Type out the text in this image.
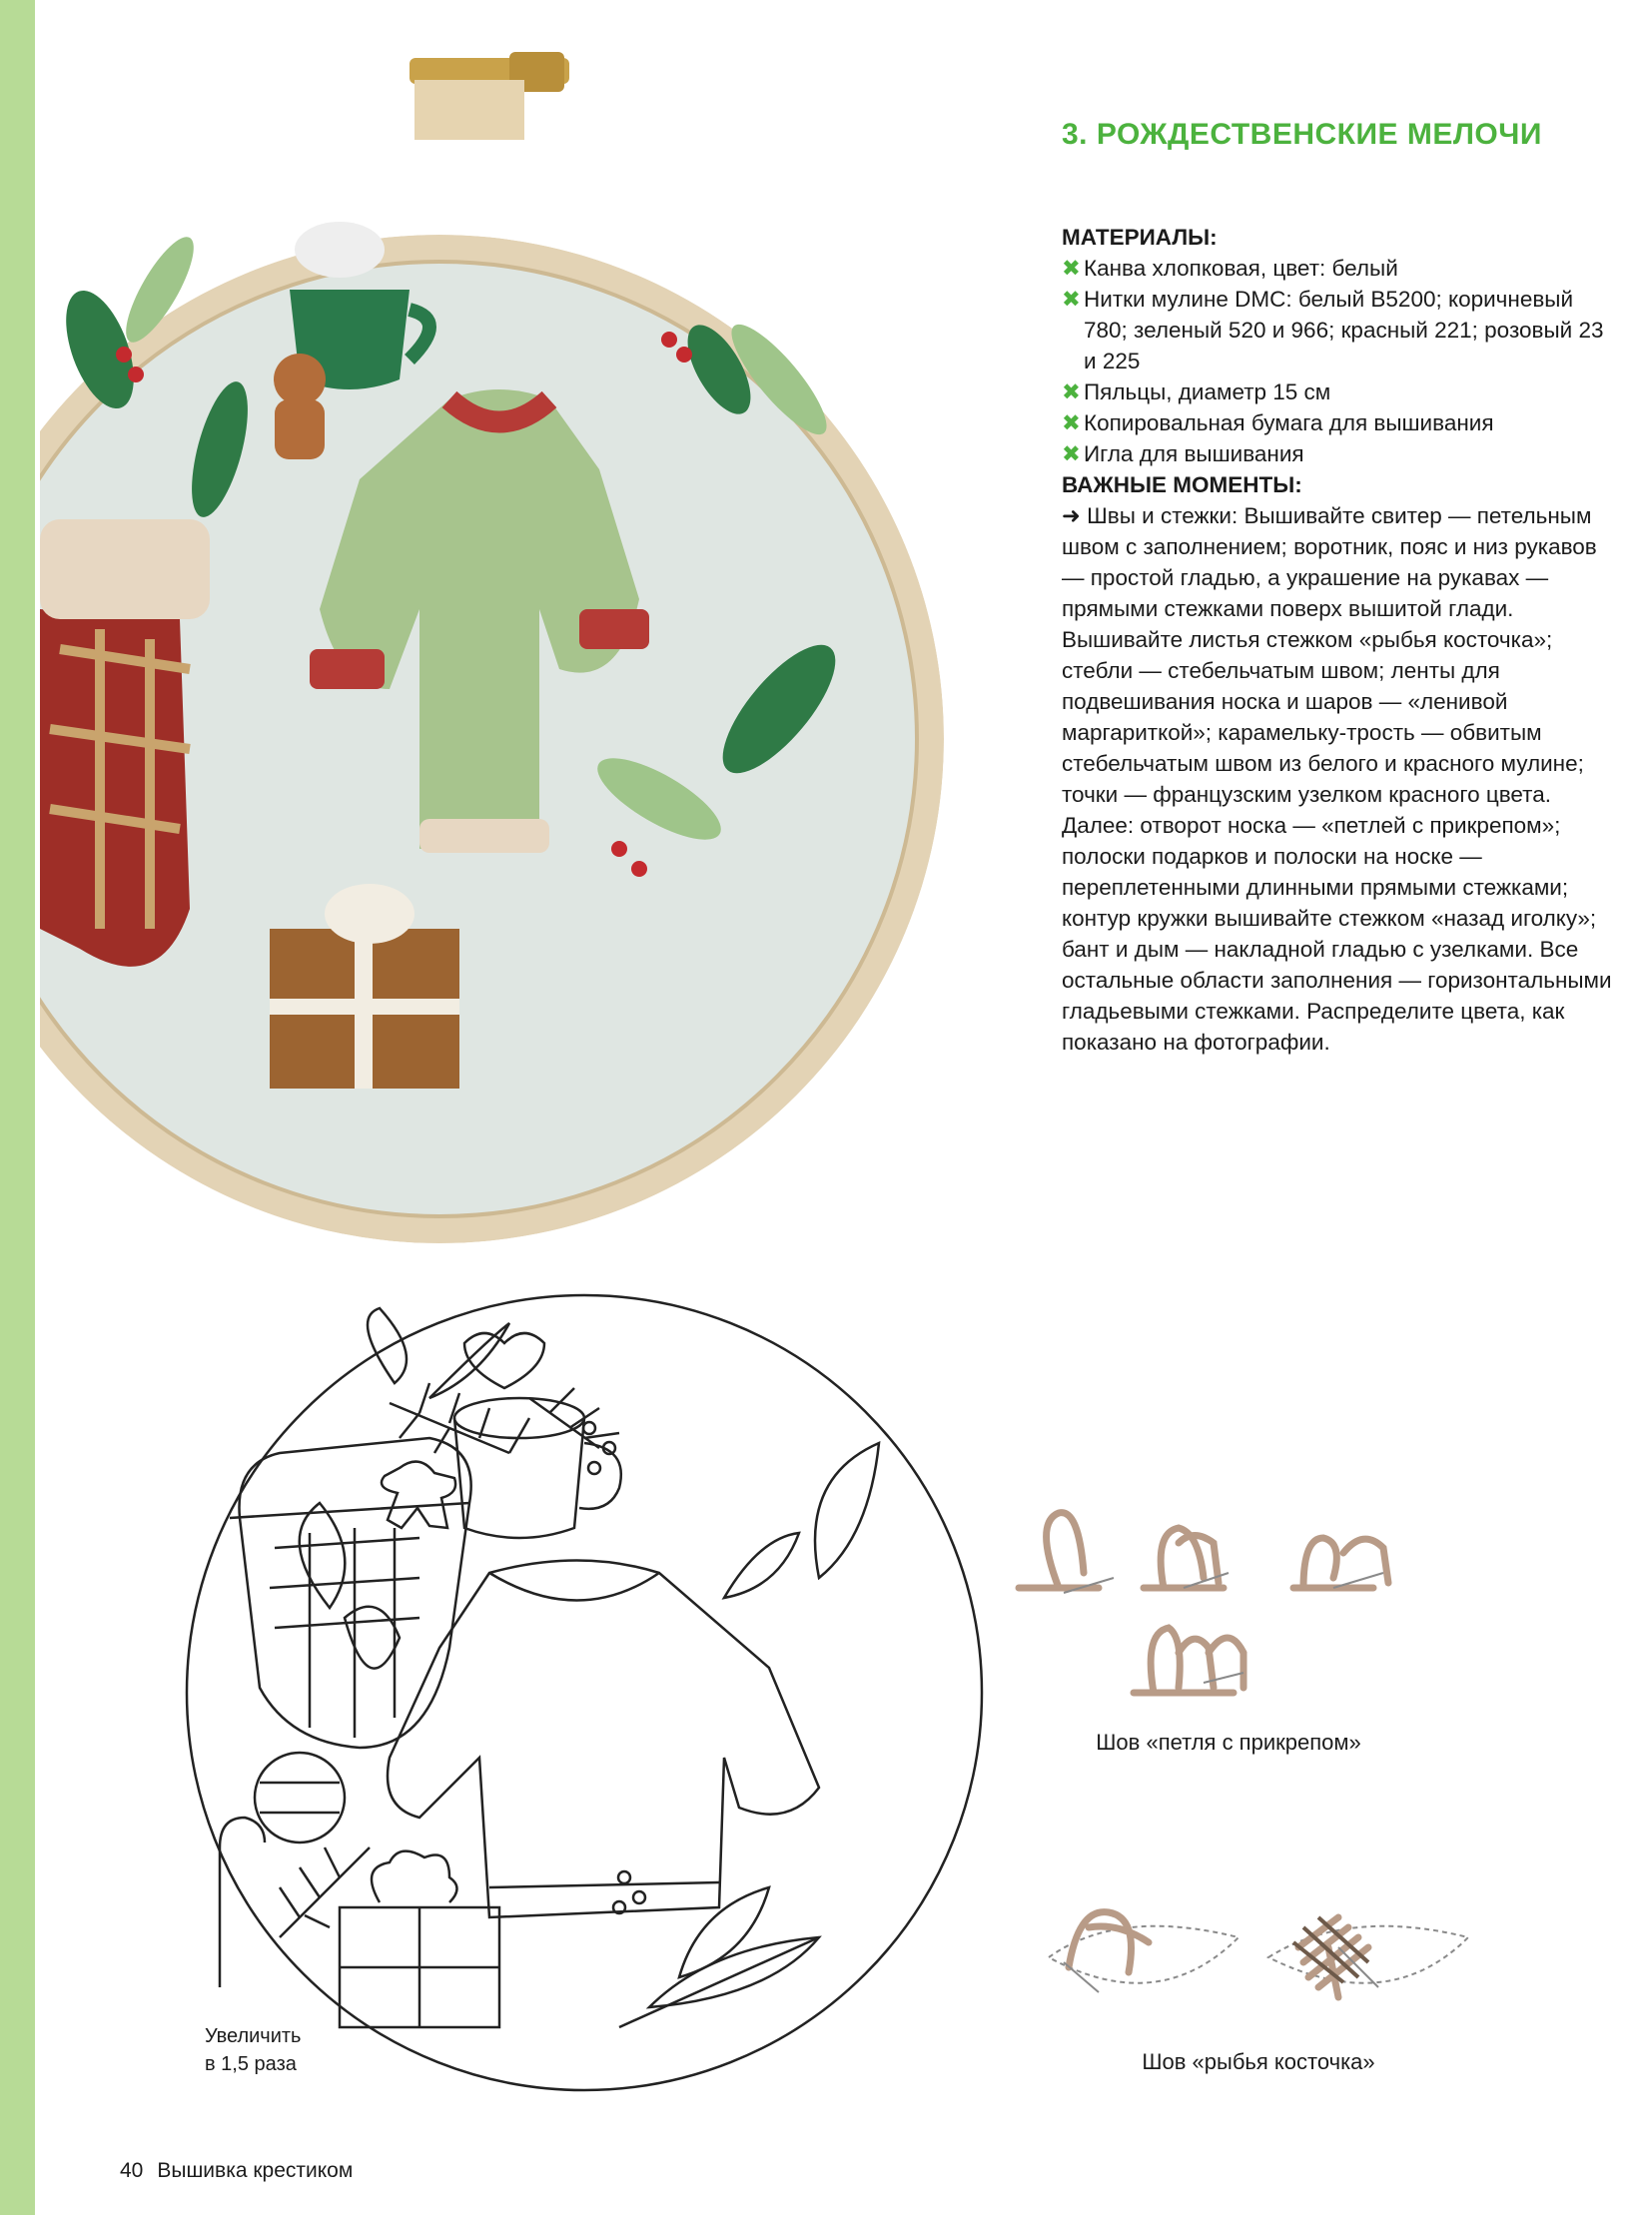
3. РОЖДЕСТВЕНСКИЕ МЕЛОЧИ
МАТЕРИАЛЫ:
✖ Канва хлопковая, цвет: белый
✖ Нитки мулине DMC: белый B5200; коричневый 780; зеленый 520 и 966; красный 221; розовый 23 и 225
✖ Пяльцы, диаметр 15 см
✖ Копировальная бумага для вышивания
✖ Игла для вышивания
ВАЖНЫЕ МОМЕНТЫ:

➜ Швы и стежки: Вышивайте свитер — петельным швом с заполнением; воротник, пояс и низ рукавов — простой гладью, а украшение на рукавах — прямыми стежками поверх вышитой глади. Вышивайте листья стежком «рыбья косточка»; стебли — стебельчатым швом; ленты для подвешивания носка и шаров — «ленивой маргариткой»; карамельку-трость — обвитым стебельчатым швом из белого и красного мулине; точки — французским узелком красного цвета. Далее: отворот носка — «петлей с прикрепом»; полоски подарков и полоски на носке — переплетенными длинными прямыми стежками; контур кружки вышивайте стежком «назад иголку»; бант и дым — накладной гладью с узелками. Все остальные области заполнения — горизонтальными гладьевыми стежками. Распределите цвета, как показано на фотографии.

Шов «петля с прикрепом»
Шов «рыбья косточка»
Увеличить
в 1,5 раза
40 Вышивка крестиком
